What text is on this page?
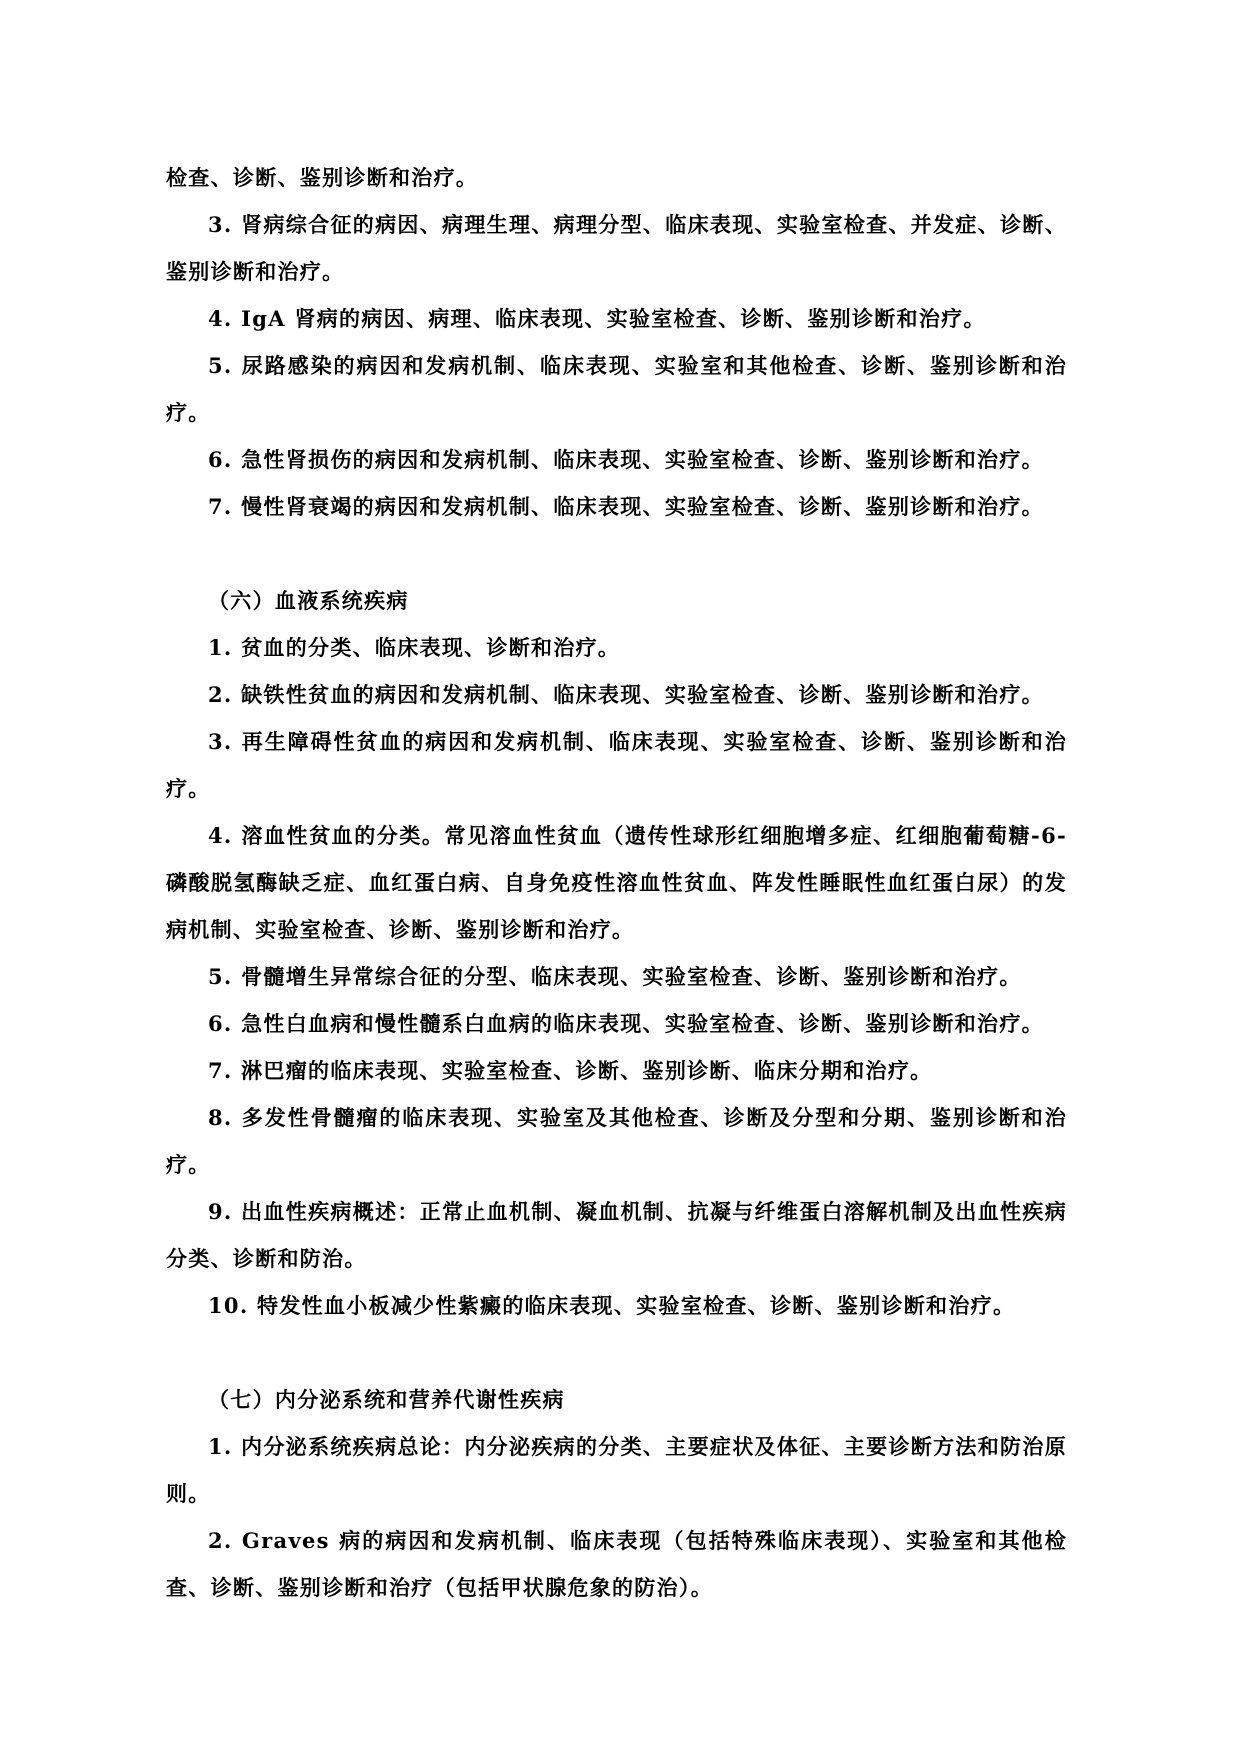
检查、诊断、鉴别诊断和治疗。

3. 肾病综合征的病因、病理生理、病理分型、临床表现、实验室检查、并发症、诊断、鉴别诊断和治疗。

4. IgA 肾病的病因、病理、临床表现、实验室检查、诊断、鉴别诊断和治疗。

5. 尿路感染的病因和发病机制、临床表现、实验室和其他检查、诊断、鉴别诊断和治疗。

6. 急性肾损伤的病因和发病机制、临床表现、实验室检查、诊断、鉴别诊断和治疗。

7. 慢性肾衰竭的病因和发病机制、临床表现、实验室检查、诊断、鉴别诊断和治疗。

（六）血液系统疾病

1. 贫血的分类、临床表现、诊断和治疗。

2. 缺铁性贫血的病因和发病机制、临床表现、实验室检查、诊断、鉴别诊断和治疗。

3. 再生障碍性贫血的病因和发病机制、临床表现、实验室检查、诊断、鉴别诊断和治疗。

4. 溶血性贫血的分类。常见溶血性贫血（遗传性球形红细胞增多症、红细胞葡萄糖-6-磷酸脱氢酶缺乏症、血红蛋白病、自身免疫性溶血性贫血、阵发性睡眠性血红蛋白尿）的发病机制、实验室检查、诊断、鉴别诊断和治疗。

5. 骨髓增生异常综合征的分型、临床表现、实验室检查、诊断、鉴别诊断和治疗。

6. 急性白血病和慢性髓系白血病的临床表现、实验室检查、诊断、鉴别诊断和治疗。

7. 淋巴瘤的临床表现、实验室检查、诊断、鉴别诊断、临床分期和治疗。

8. 多发性骨髓瘤的临床表现、实验室及其他检查、诊断及分型和分期、鉴别诊断和治疗。

9. 出血性疾病概述：正常止血机制、凝血机制、抗凝与纤维蛋白溶解机制及出血性疾病分类、诊断和防治。

10. 特发性血小板减少性紫癜的临床表现、实验室检查、诊断、鉴别诊断和治疗。

（七）内分泌系统和营养代谢性疾病

1. 内分泌系统疾病总论：内分泌疾病的分类、主要症状及体征、主要诊断方法和防治原则。

2. Graves 病的病因和发病机制、临床表现（包括特殊临床表现）、实验室和其他检查、诊断、鉴别诊断和治疗（包括甲状腺危象的防治）。
